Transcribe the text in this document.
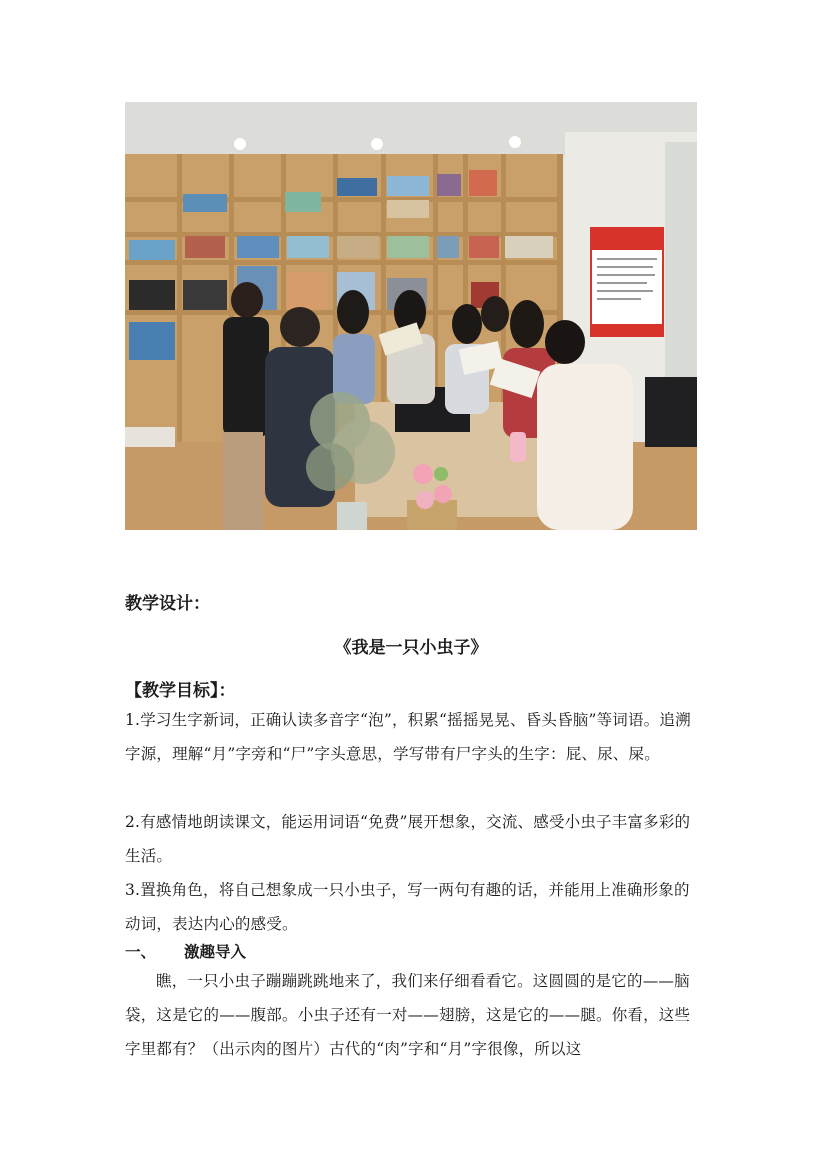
教学设计：
《我是一只小虫子》
【教学目标】：
1.学习生字新词，正确认读多音字“泡”，积累“摇摇晃晃、昏头昏脑”等词语。追溯字源，理解“月”字旁和“尸”字头意思，学写带有尸字头的生字：屁、尿、屎。
2.有感情地朗读课文，能运用词语“免费”展开想象，交流、感受小虫子丰富多彩的生活。
3.置换角色，将自己想象成一只小虫子，写一两句有趣的话，并能用上准确形象的动词，表达内心的感受。
一、 激趣导入
瞧，一只小虫子蹦蹦跳跳地来了，我们来仔细看看它。这圆圆的是它的——脑袋，这是它的——腹部。小虫子还有一对——翅膀，这是它的——腿。你看，这些字里都有？（出示肉的图片）古代的“肉”字和“月”字很像，所以这
